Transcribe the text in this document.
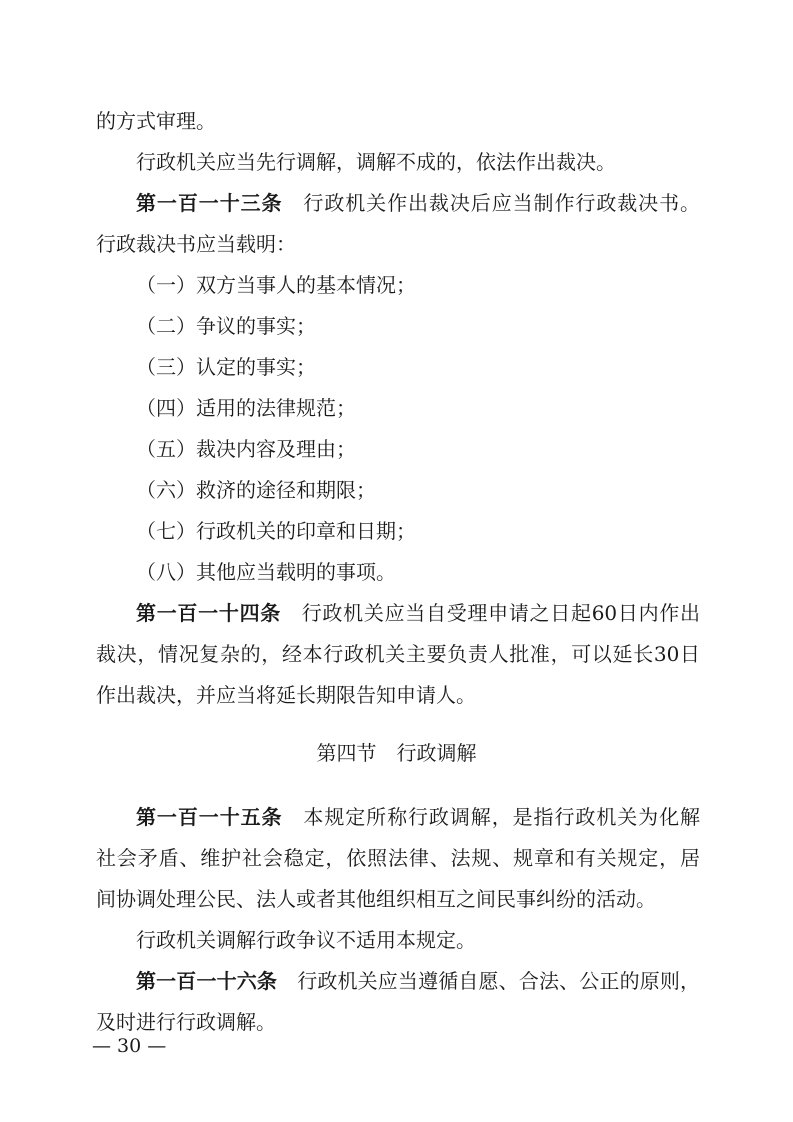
的方式审理。
行政机关应当先行调解，调解不成的，依法作出裁决。
第一百一十三条 行政机关作出裁决后应当制作行政裁决书。
行政裁决书应当载明：
（一）双方当事人的基本情况；
（二）争议的事实；
（三）认定的事实；
（四）适用的法律规范；
（五）裁决内容及理由；
（六）救济的途径和期限；
（七）行政机关的印章和日期；
（八）其他应当载明的事项。
第一百一十四条 行政机关应当自受理申请之日起60日内作出
裁决，情况复杂的，经本行政机关主要负责人批准，可以延长30日
作出裁决，并应当将延长期限告知申请人。
第四节　行政调解
第一百一十五条 本规定所称行政调解，是指行政机关为化解
社会矛盾、维护社会稳定，依照法律、法规、规章和有关规定，居
间协调处理公民、法人或者其他组织相互之间民事纠纷的活动。
行政机关调解行政争议不适用本规定。
第一百一十六条 行政机关应当遵循自愿、合法、公正的原则，
及时进行行政调解。
— 30 —
